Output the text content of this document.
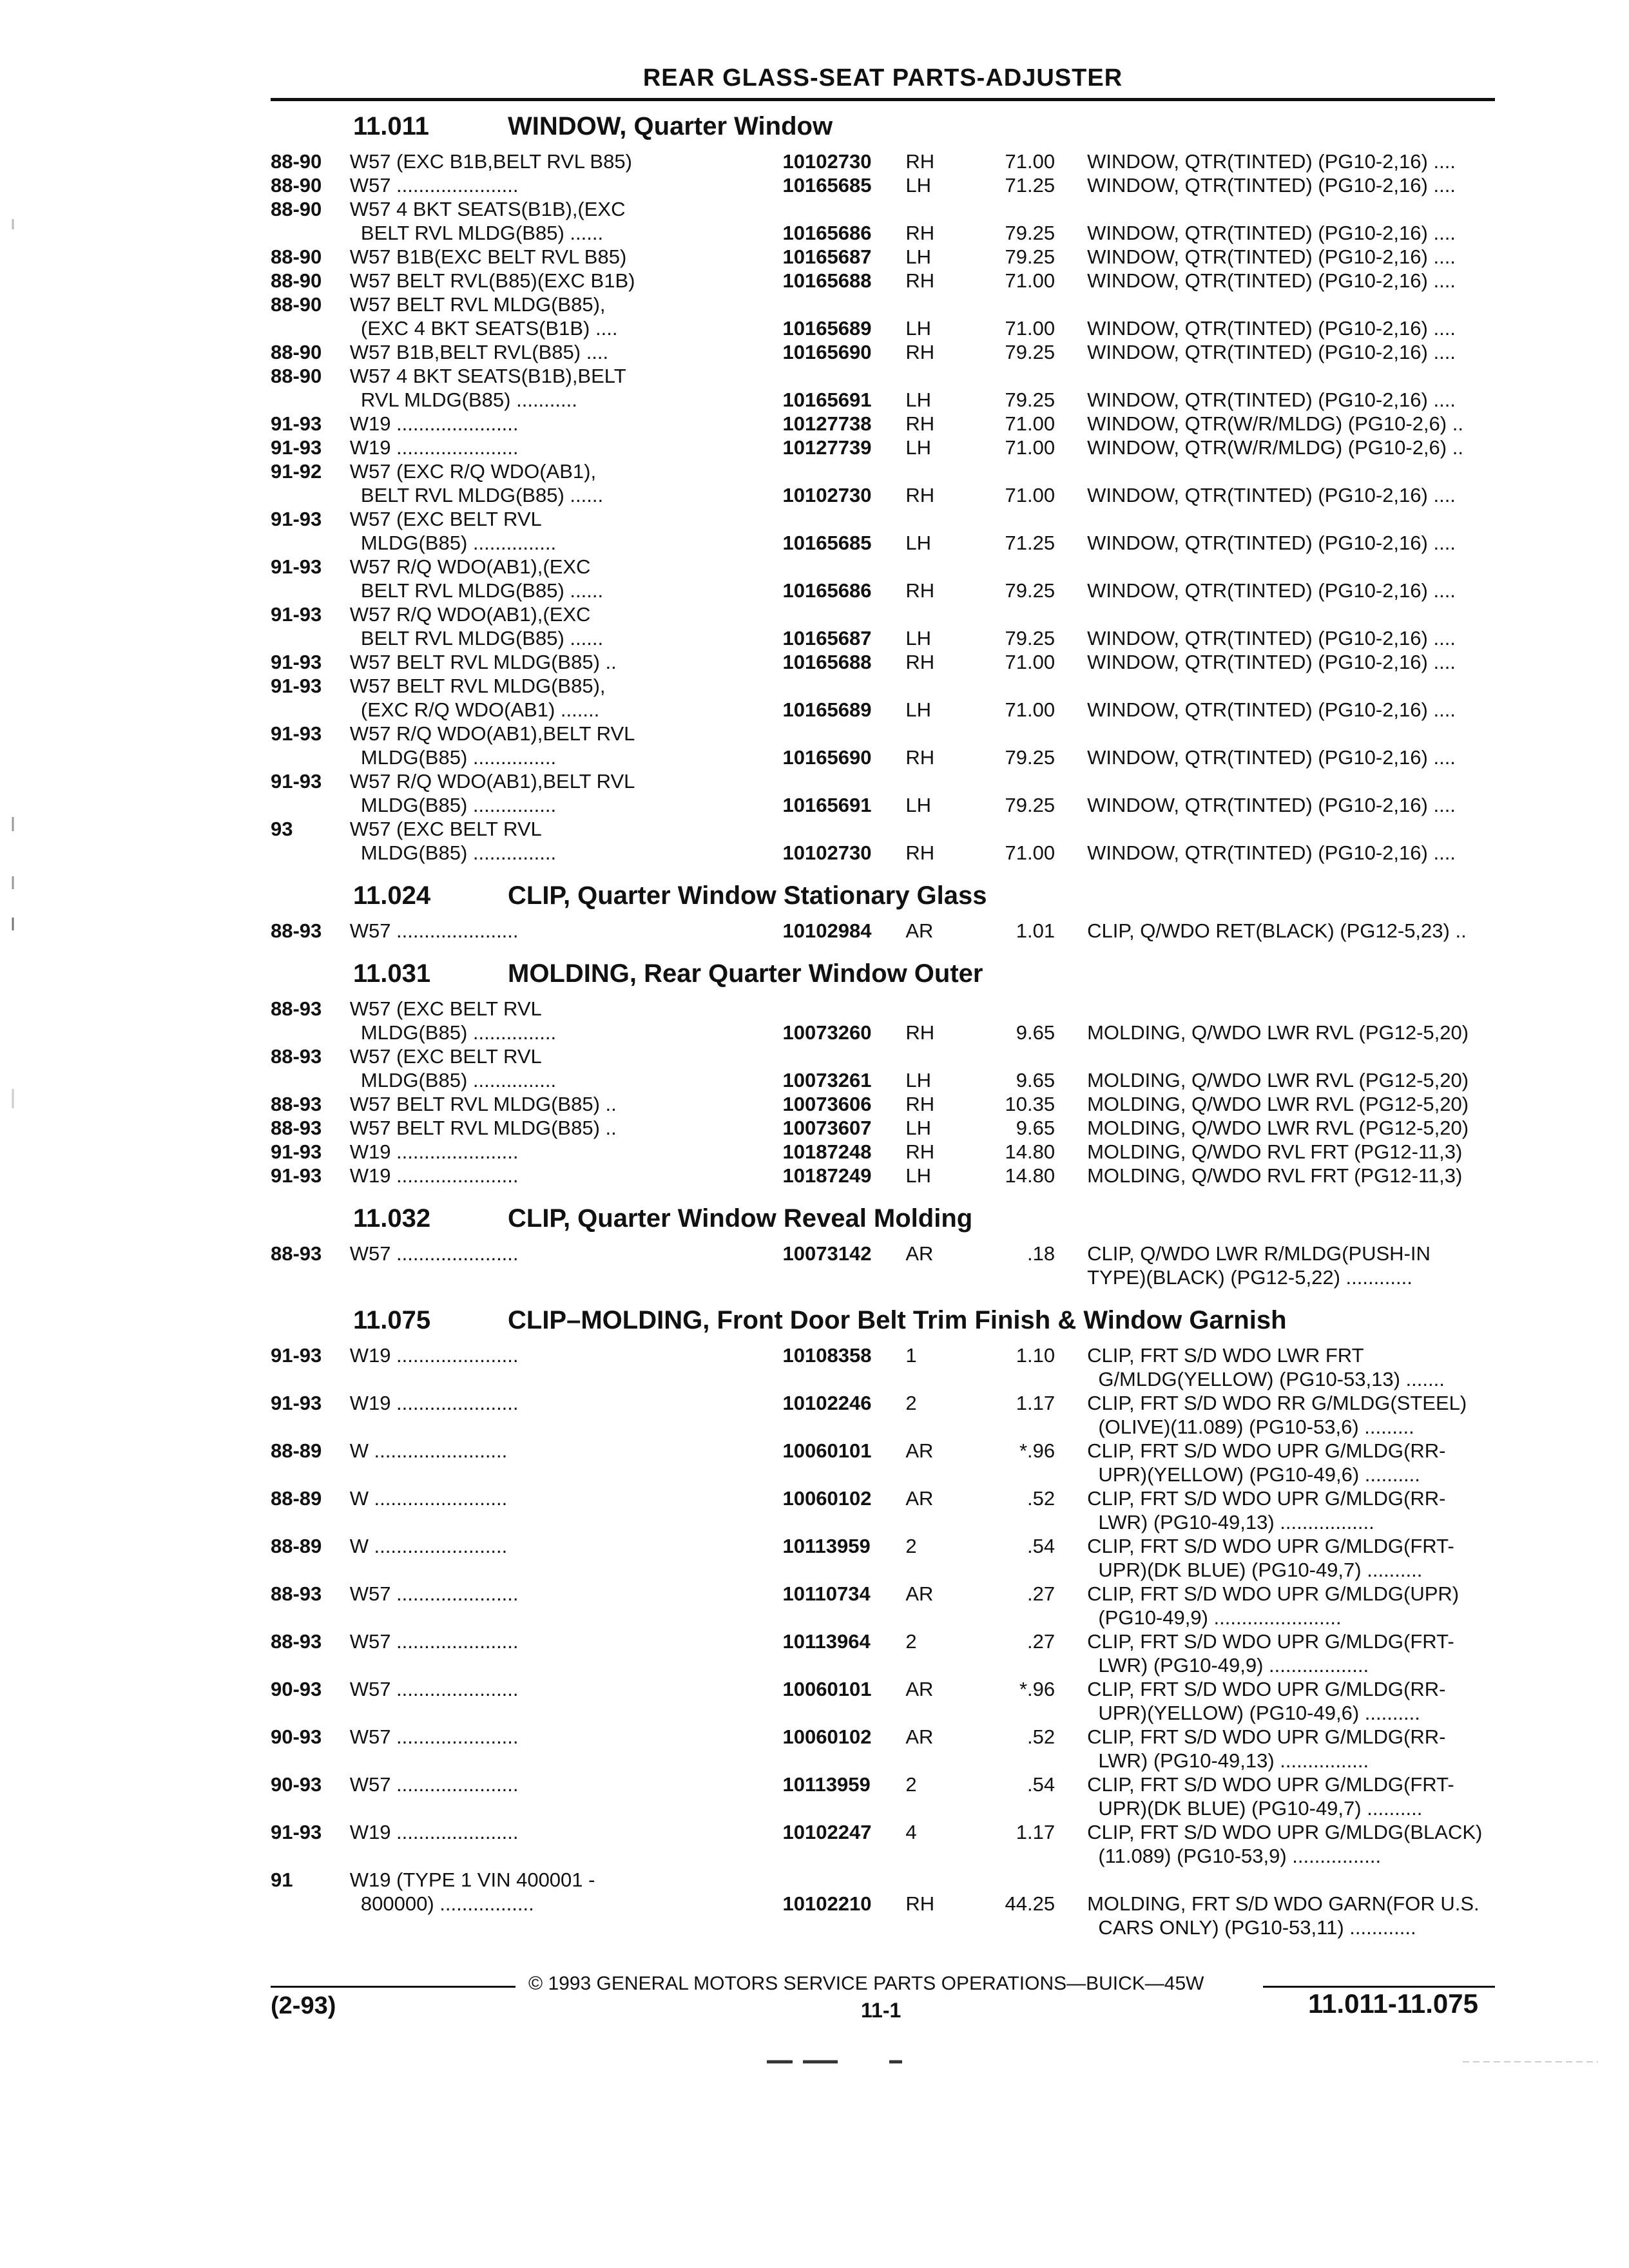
REAR GLASS-SEAT PARTS-ADJUSTER
11.011	WINDOW, Quarter Window
88-90	W57 (EXC B1B,BELT RVL B85)	10102730	RH	71.00	WINDOW, QTR(TINTED) (PG10-2,16) ....
88-90	W57 ......................	10165685	LH	71.25	WINDOW, QTR(TINTED) (PG10-2,16) ....
88-90	W57 4 BKT SEATS(B1B),(EXC
BELT RVL MLDG(B85) ......	10165686	RH	79.25	WINDOW, QTR(TINTED) (PG10-2,16) ....
88-90	W57 B1B(EXC BELT RVL B85)	10165687	LH	79.25	WINDOW, QTR(TINTED) (PG10-2,16) ....
88-90	W57 BELT RVL(B85)(EXC B1B)	10165688	RH	71.00	WINDOW, QTR(TINTED) (PG10-2,16) ....
88-90	W57 BELT RVL MLDG(B85),
(EXC 4 BKT SEATS(B1B) ....	10165689	LH	71.00	WINDOW, QTR(TINTED) (PG10-2,16) ....
88-90	W57 B1B,BELT RVL(B85) ....	10165690	RH	79.25	WINDOW, QTR(TINTED) (PG10-2,16) ....
88-90	W57 4 BKT SEATS(B1B),BELT
RVL MLDG(B85) ...........	10165691	LH	79.25	WINDOW, QTR(TINTED) (PG10-2,16) ....
91-93	W19 ......................	10127738	RH	71.00	WINDOW, QTR(W/R/MLDG) (PG10-2,6) ..
91-93	W19 ......................	10127739	LH	71.00	WINDOW, QTR(W/R/MLDG) (PG10-2,6) ..
91-92	W57 (EXC R/Q WDO(AB1),
BELT RVL MLDG(B85) ......	10102730	RH	71.00	WINDOW, QTR(TINTED) (PG10-2,16) ....
91-93	W57 (EXC BELT RVL
MLDG(B85) ...............	10165685	LH	71.25	WINDOW, QTR(TINTED) (PG10-2,16) ....
91-93	W57 R/Q WDO(AB1),(EXC
BELT RVL MLDG(B85) ......	10165686	RH	79.25	WINDOW, QTR(TINTED) (PG10-2,16) ....
91-93	W57 R/Q WDO(AB1),(EXC
BELT RVL MLDG(B85) ......	10165687	LH	79.25	WINDOW, QTR(TINTED) (PG10-2,16) ....
91-93	W57 BELT RVL MLDG(B85) ..	10165688	RH	71.00	WINDOW, QTR(TINTED) (PG10-2,16) ....
91-93	W57 BELT RVL MLDG(B85),
(EXC R/Q WDO(AB1) .......	10165689	LH	71.00	WINDOW, QTR(TINTED) (PG10-2,16) ....
91-93	W57 R/Q WDO(AB1),BELT RVL
MLDG(B85) ...............	10165690	RH	79.25	WINDOW, QTR(TINTED) (PG10-2,16) ....
91-93	W57 R/Q WDO(AB1),BELT RVL
MLDG(B85) ...............	10165691	LH	79.25	WINDOW, QTR(TINTED) (PG10-2,16) ....
93	W57 (EXC BELT RVL
MLDG(B85) ...............	10102730	RH	71.00	WINDOW, QTR(TINTED) (PG10-2,16) ....
11.024	CLIP, Quarter Window Stationary Glass
88-93	W57 ......................	10102984	AR	1.01	CLIP, Q/WDO RET(BLACK) (PG12-5,23) ..
11.031	MOLDING, Rear Quarter Window Outer
88-93	W57 (EXC BELT RVL
MLDG(B85) ...............	10073260	RH	9.65	MOLDING, Q/WDO LWR RVL (PG12-5,20)
88-93	W57 (EXC BELT RVL
MLDG(B85) ...............	10073261	LH	9.65	MOLDING, Q/WDO LWR RVL (PG12-5,20)
88-93	W57 BELT RVL MLDG(B85) ..	10073606	RH	10.35	MOLDING, Q/WDO LWR RVL (PG12-5,20)
88-93	W57 BELT RVL MLDG(B85) ..	10073607	LH	9.65	MOLDING, Q/WDO LWR RVL (PG12-5,20)
91-93	W19 ......................	10187248	RH	14.80	MOLDING, Q/WDO RVL FRT (PG12-11,3)
91-93	W19 ......................	10187249	LH	14.80	MOLDING, Q/WDO RVL FRT (PG12-11,3)
11.032	CLIP, Quarter Window Reveal Molding
88-93	W57 ......................	10073142	AR	.18	CLIP, Q/WDO LWR R/MLDG(PUSH-IN
TYPE)(BLACK) (PG12-5,22) ............
11.075	CLIP–MOLDING, Front Door Belt Trim Finish & Window Garnish
91-93	W19 ......................	10108358	1	1.10	CLIP, FRT S/D WDO LWR FRT
G/MLDG(YELLOW) (PG10-53,13) .......
91-93	W19 ......................	10102246	2	1.17	CLIP, FRT S/D WDO RR G/MLDG(STEEL)
(OLIVE)(11.089) (PG10-53,6) .........
88-89	W ........................	10060101	AR	*.96	CLIP, FRT S/D WDO UPR G/MLDG(RR-
UPR)(YELLOW) (PG10-49,6) ..........
88-89	W ........................	10060102	AR	.52	CLIP, FRT S/D WDO UPR G/MLDG(RR-
LWR) (PG10-49,13) .................
88-89	W ........................	10113959	2	.54	CLIP, FRT S/D WDO UPR G/MLDG(FRT-
UPR)(DK BLUE) (PG10-49,7) ..........
88-93	W57 ......................	10110734	AR	.27	CLIP, FRT S/D WDO UPR G/MLDG(UPR)
(PG10-49,9) .......................
88-93	W57 ......................	10113964	2	.27	CLIP, FRT S/D WDO UPR G/MLDG(FRT-
LWR) (PG10-49,9) ..................
90-93	W57 ......................	10060101	AR	*.96	CLIP, FRT S/D WDO UPR G/MLDG(RR-
UPR)(YELLOW) (PG10-49,6) ..........
90-93	W57 ......................	10060102	AR	.52	CLIP, FRT S/D WDO UPR G/MLDG(RR-
LWR) (PG10-49,13) ................
90-93	W57 ......................	10113959	2	.54	CLIP, FRT S/D WDO UPR G/MLDG(FRT-
UPR)(DK BLUE) (PG10-49,7) ..........
91-93	W19 ......................	10102247	4	1.17	CLIP, FRT S/D WDO UPR G/MLDG(BLACK)
(11.089) (PG10-53,9) ................
91	W19 (TYPE 1 VIN 400001 -
800000) .................	10102210	RH	44.25	MOLDING, FRT S/D WDO GARN(FOR U.S.
CARS ONLY) (PG10-53,11) ............
© 1993 GENERAL MOTORS SERVICE PARTS OPERATIONS—BUICK—45W
(2-93)	11-1	11.011-11.075
